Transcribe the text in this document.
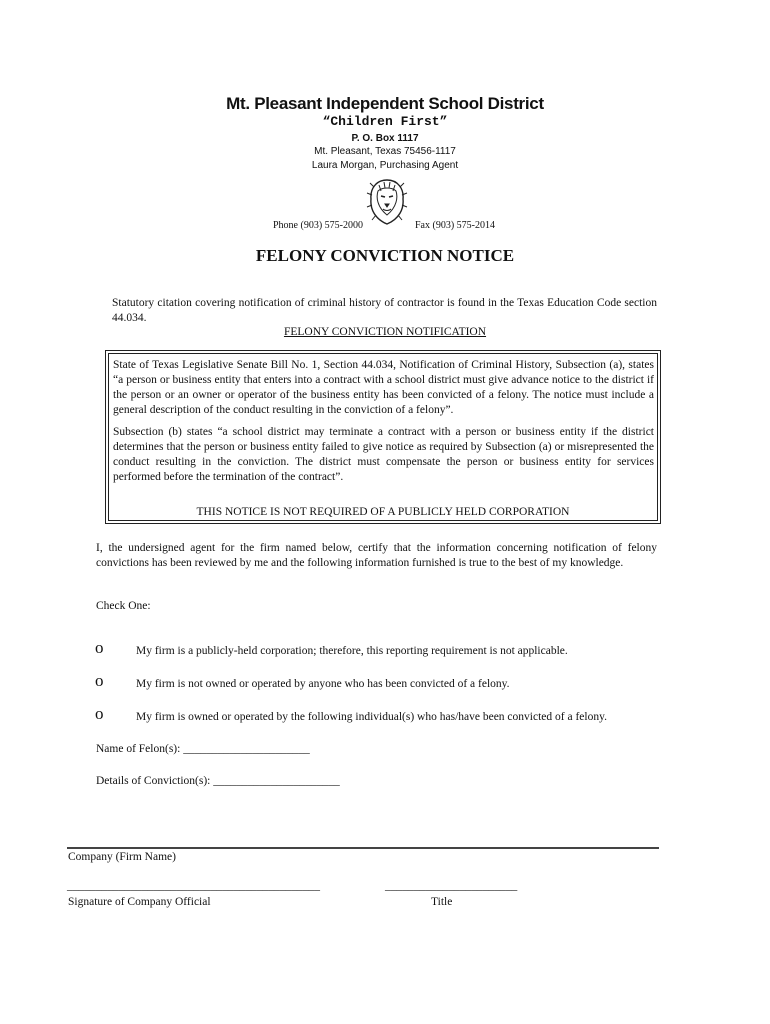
Mt. Pleasant Independent School District
“Children First”
P. O. Box 1117
Mt. Pleasant, Texas 75456-1117
Laura Morgan, Purchasing Agent
Phone (903) 575-2000	Fax (903) 575-2014
FELONY CONVICTION NOTICE
Statutory citation covering notification of criminal history of contractor is found in the Texas Education Code section 44.034.
FELONY CONVICTION NOTIFICATION

State of Texas Legislative Senate Bill No. 1, Section 44.034, Notification of Criminal History, Subsection (a), states “a person or business entity that enters into a contract with a school district must give advance notice to the district if the person or an owner or operator of the business entity has been convicted of a felony. The notice must include a general description of the conduct resulting in the conviction of a felony”.

Subsection (b) states “a school district may terminate a contract with a person or business entity if the district determines that the person or business entity failed to give notice as required by Subsection (a) or misrepresented the conduct resulting in the conviction. The district must compensate the person or business entity for services performed before the termination of the contract”.

THIS NOTICE IS NOT REQUIRED OF A PUBLICLY HELD CORPORATION
I, the undersigned agent for the firm named below, certify that the information concerning notification of felony convictions has been reviewed by me and the following information furnished is true to the best of my knowledge.
Check One:
o	My firm is a publicly-held corporation; therefore, this reporting requirement is not applicable.
o	My firm is not owned or operated by anyone who has been convicted of a felony.
o	My firm is owned or operated by the following individual(s) who has/have been convicted of a felony.
Name of Felon(s): ______________________
Details of Conviction(s): ______________________
Company (Firm Name)
____________________________________________	_______________________
Signature of Company Official	Title
